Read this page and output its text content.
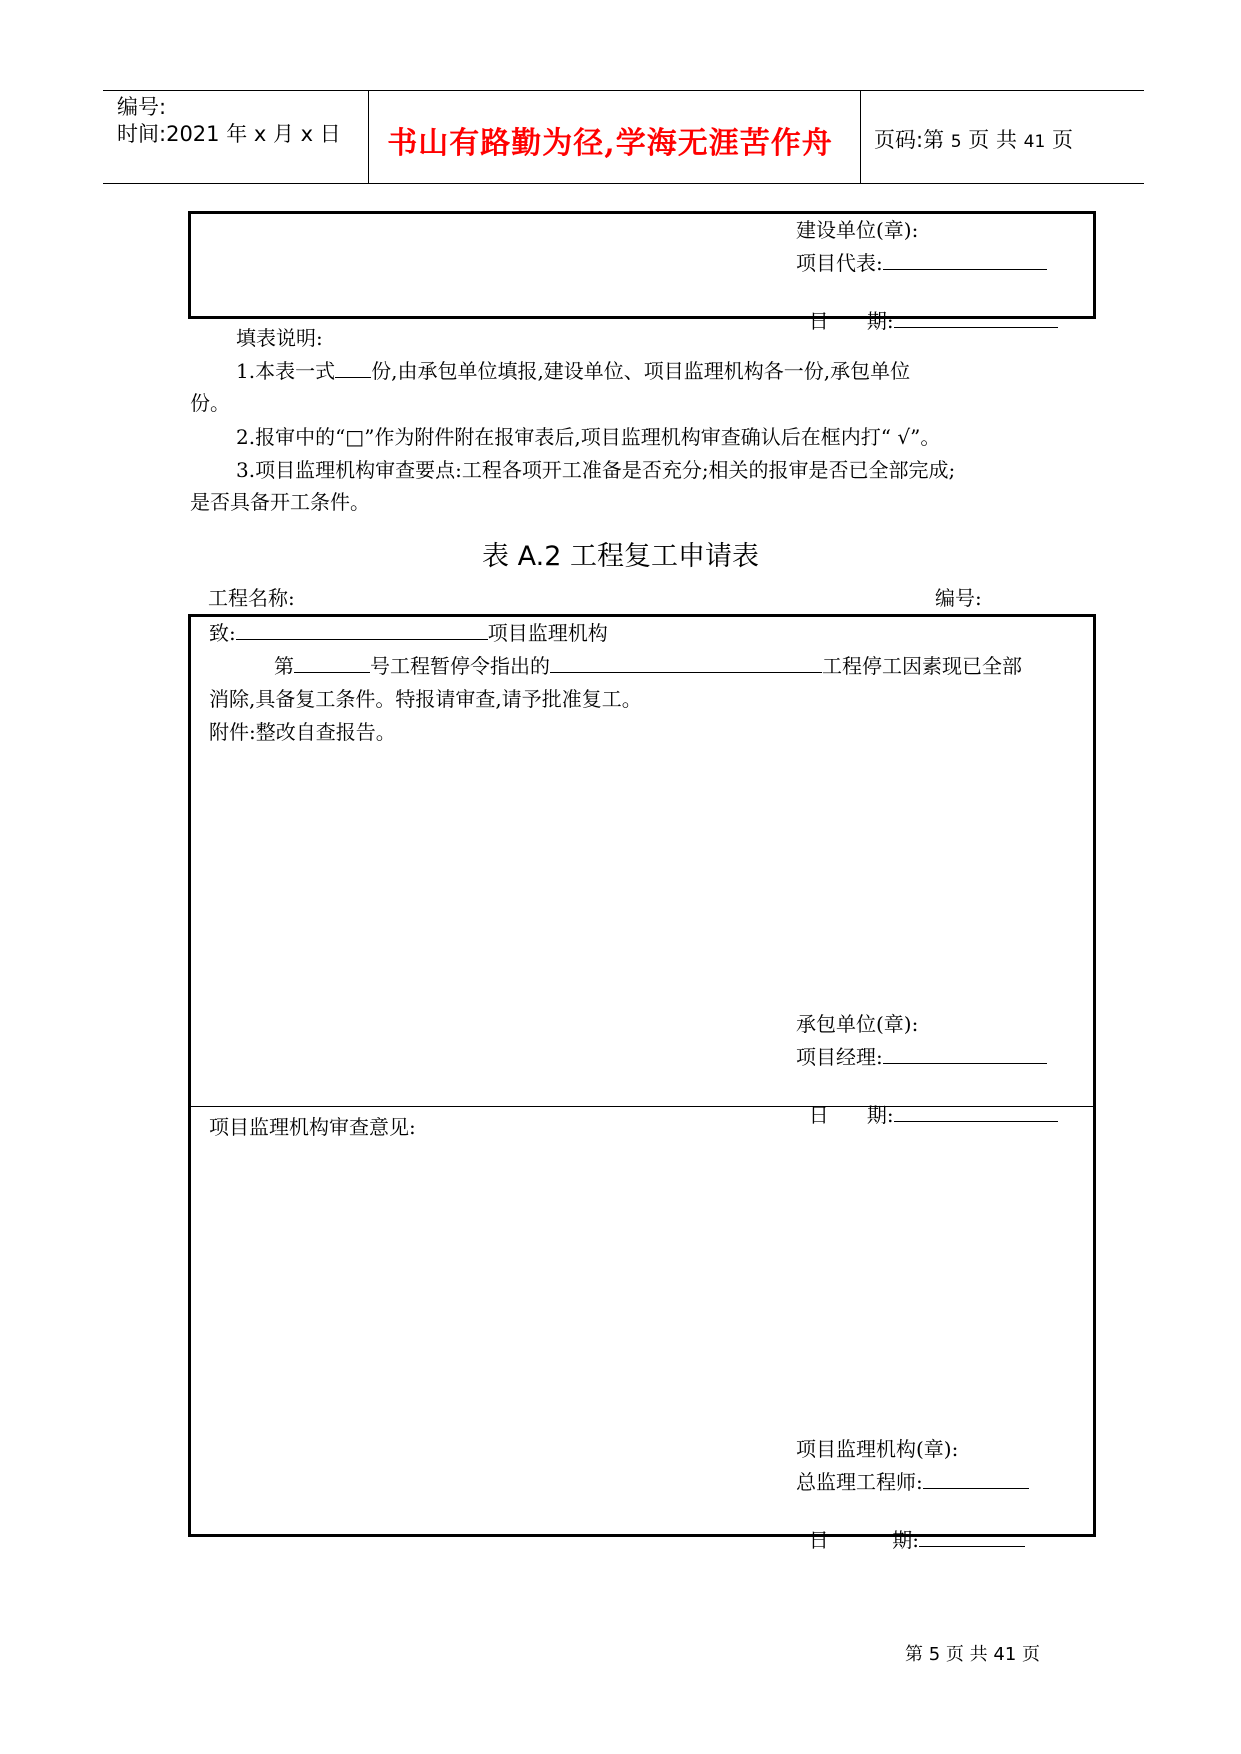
编号:
时间:2021 年 x 月 x 日	书山有路勤为径,学海无涯苦作舟	页码:第 5 页 共 41 页
建设单位(章):
项目代表:

日      期:

填表说明:
1.本表一式 份,由承包单位填报,建设单位、项目监理机构各一份,承包单位
份。
2.报审中的“□”作为附件附在报审表后,项目监理机构审查确认后在框内打“ √”。
3.项目监理机构审查要点:工程各项开工准备是否充分;相关的报审是否已全部完成;
是否具备开工条件。
表 A.2 工程复工申请表
工程名称:	编号:
致:	项目监理机构
第	号工程暂停令指出的	工程停工因素现已全部
消除,具备复工条件。特报请审查,请予批准复工。
附件:整改自查报告。
承包单位(章):
项目经理:

日      期:

项目监理机构审查意见:
项目监理机构(章):
总监理工程师:

日          期:

第 5 页 共 41 页
